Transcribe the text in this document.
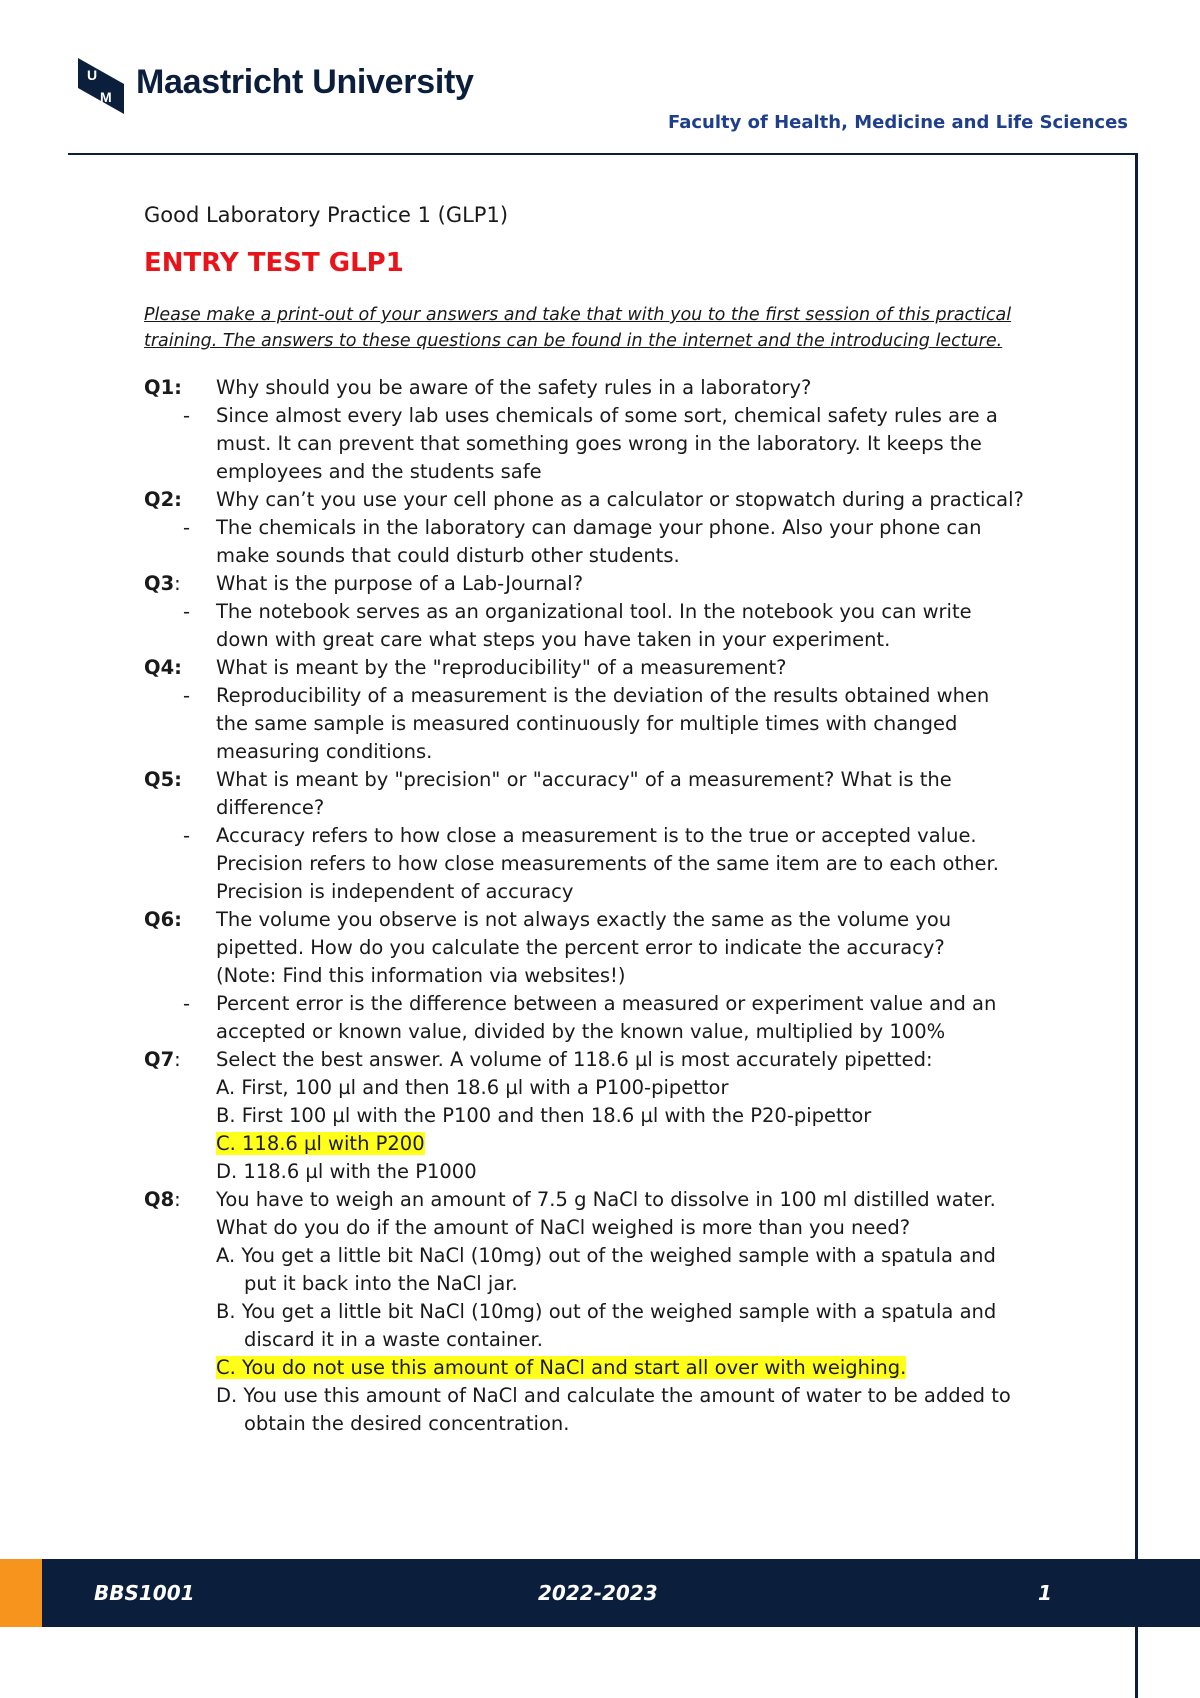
U
M Maastricht University
Faculty of Health, Medicine and Life Sciences
Good Laboratory Practice 1 (GLP1)
ENTRY TEST GLP1
Please make a print-out of your answers and take that with you to the first session of this practical
training. The answers to these questions can be found in the internet and the introducing lecture.
Q1:	Why should you be aware of the safety rules in a laboratory?
-	Since almost every lab uses chemicals of some sort, chemical safety rules are a
must. It can prevent that something goes wrong in the laboratory. It keeps the
employees and the students safe
Q2:	Why can’t you use your cell phone as a calculator or stopwatch during a practical?
-	The chemicals in the laboratory can damage your phone. Also your phone can
make sounds that could disturb other students.
Q3:	What is the purpose of a Lab-Journal?
-	The notebook serves as an organizational tool. In the notebook you can write
down with great care what steps you have taken in your experiment.
Q4:	What is meant by the "reproducibility" of a measurement?
-	Reproducibility of a measurement is the deviation of the results obtained when
the same sample is measured continuously for multiple times with changed
measuring conditions.
Q5:	What is meant by "precision" or "accuracy" of a measurement? What is the
difference?
-	Accuracy refers to how close a measurement is to the true or accepted value.
Precision refers to how close measurements of the same item are to each other.
Precision is independent of accuracy
Q6:	The volume you observe is not always exactly the same as the volume you
pipetted. How do you calculate the percent error to indicate the accuracy?
(Note: Find this information via websites!)
-	Percent error is the difference between a measured or experiment value and an
accepted or known value, divided by the known value, multiplied by 100%
Q7:	Select the best answer. A volume of 118.6 µl is most accurately pipetted:
A. First, 100 µl and then 18.6 µl with a P100-pipettor
B. First 100 µl with the P100 and then 18.6 µl with the P20-pipettor
C. 118.6 µl with P200
D. 118.6 µl with the P1000
Q8:	You have to weigh an amount of 7.5 g NaCl to dissolve in 100 ml distilled water.
What do you do if the amount of NaCl weighed is more than you need?
A. You get a little bit NaCl (10mg) out of the weighed sample with a spatula and
put it back into the NaCl jar.
B. You get a little bit NaCl (10mg) out of the weighed sample with a spatula and
discard it in a waste container.
C. You do not use this amount of NaCl and start all over with weighing.
D. You use this amount of NaCl and calculate the amount of water to be added to
obtain the desired concentration.
BBS1001	2022-2023	1
